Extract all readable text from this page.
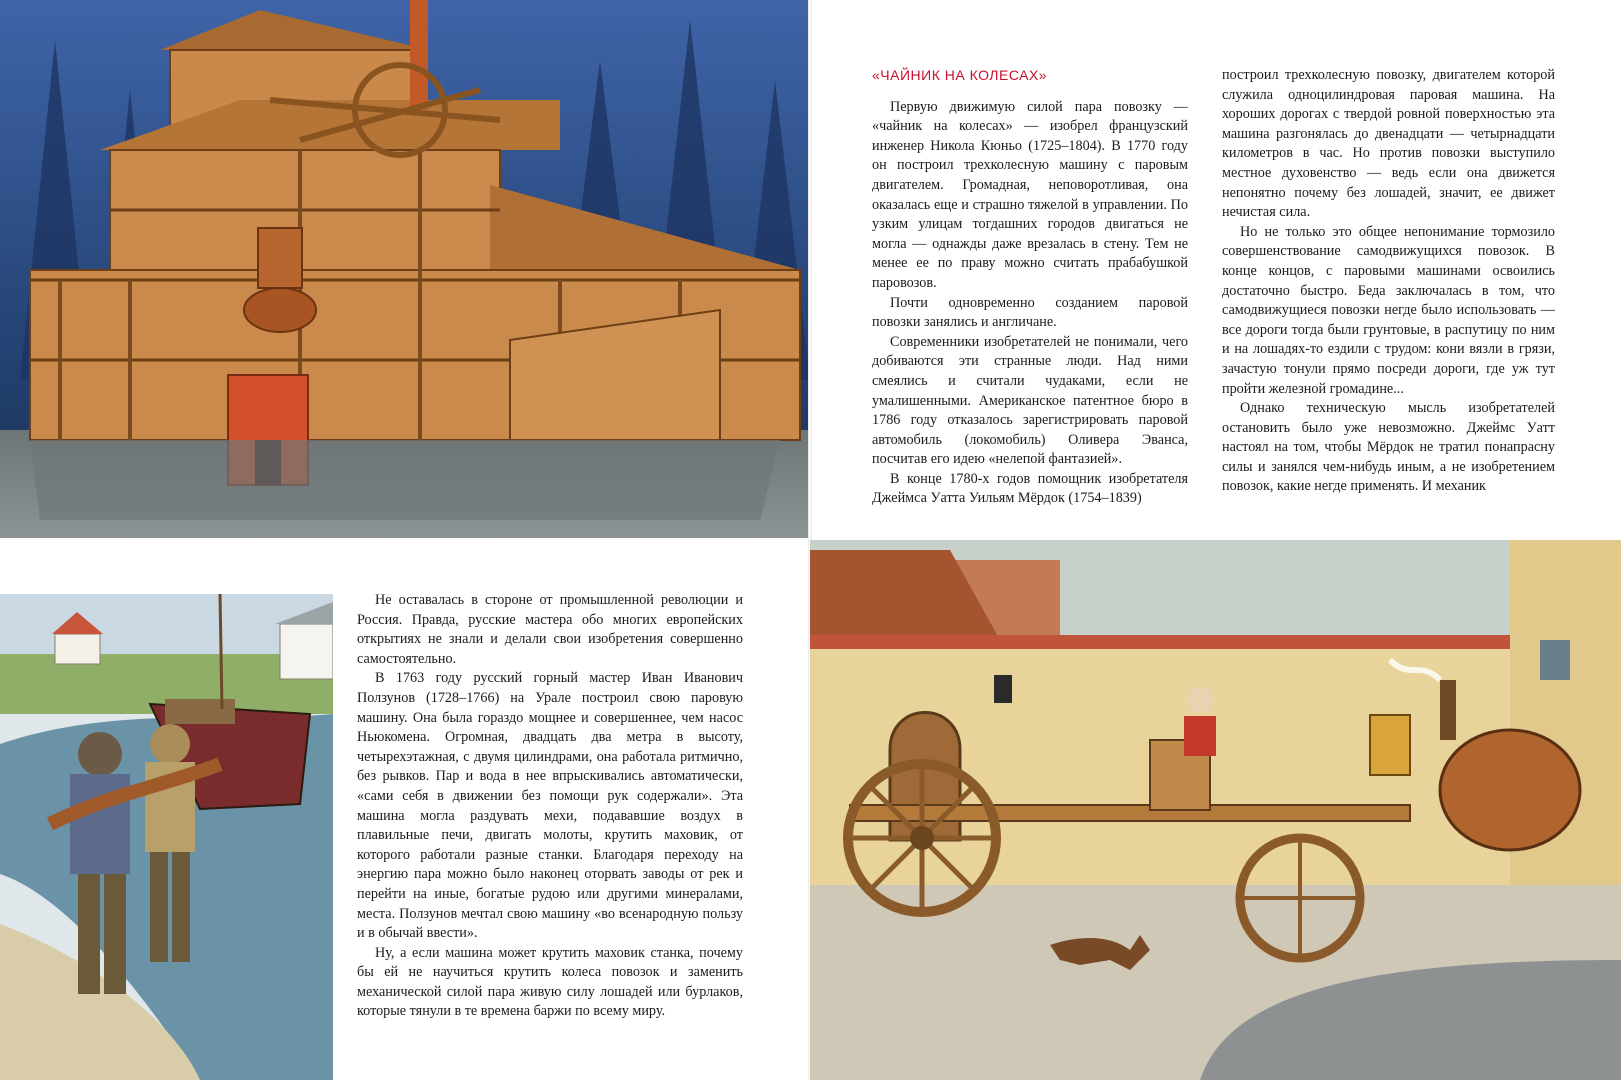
Не оставалась в стороне от промышленной революции и Россия. Правда, русские мастера обо многих европейских открытиях не знали и делали свои изобретения совершенно самостоятельно.

В 1763 году русский горный мастер Иван Иванович Ползунов (1728–1766) на Урале построил свою паровую машину. Она была гораздо мощнее и совершеннее, чем насос Ньюкомена. Огромная, двадцать два метра в высоту, четырехэтажная, с двумя цилиндрами, она работала ритмично, без рывков. Пар и вода в нее впрыскивались автоматически, «сами себя в движении без помощи рук содержали». Эта машина могла раздувать мехи, подававшие воздух в плавильные печи, двигать молоты, крутить маховик, от которого работали разные станки. Благодаря переходу на энергию пара можно было наконец оторвать заводы от рек и перейти на иные, богатые рудою или другими минералами, места. Ползунов мечтал свою машину «во всенародную пользу и в обычай ввести».

Ну, а если машина может крутить маховик станка, почему бы ей не научиться крутить колеса повозок и заменить механической силой пара живую силу лошадей или бурлаков, которые тянули в те времена баржи по всему миру.

«ЧАЙНИК НА КОЛЕСАХ»

Первую движимую силой пара повозку — «чайник на колесах» — изобрел французский инженер Никола Кюньо (1725–1804). В 1770 году он построил трехколесную машину с паровым двигателем. Громадная, неповоротливая, она оказалась еще и страшно тяжелой в управлении. По узким улицам тогдашних городов двигаться не могла — однажды даже врезалась в стену. Тем не менее ее по праву можно считать прабабушкой паровозов.

Почти одновременно созданием паровой повозки занялись и англичане.

Современники изобретателей не понимали, чего добиваются эти странные люди. Над ними смеялись и считали чудаками, если не умалишенными. Американское патентное бюро в 1786 году отказалось зарегистрировать паровой автомобиль (локомобиль) Оливера Эванса, посчитав его идею «нелепой фантазией».

В конце 1780-х годов помощник изобретателя Джеймса Уатта Уильям Мёрдок (1754–1839)

построил трехколесную повозку, двигателем которой служила одноцилиндровая паровая машина. На хороших дорогах с твердой ровной поверхностью эта машина разгонялась до двенадцати — четырнадцати километров в час. Но против повозки выступило местное духовенство — ведь если она движется непонятно почему без лошадей, значит, ее движет нечистая сила.

Но не только это общее непонимание тормозило совершенствование самодвижущихся повозок. В конце концов, с паровыми машинами освоились достаточно быстро. Беда заключалась в том, что самодвижущиеся повозки негде было использовать — все дороги тогда были грунтовые, в распутицу по ним и на лошадях-то ездили с трудом: кони вязли в грязи, зачастую тонули прямо посреди дороги, где уж тут пройти железной громадине...

Однако техническую мысль изобретателей остановить было уже невозможно. Джеймс Уатт настоял на том, чтобы Мёрдок не тратил понапрасну силы и занялся чем-нибудь иным, а не изобретением повозок, какие негде применять. И механик
